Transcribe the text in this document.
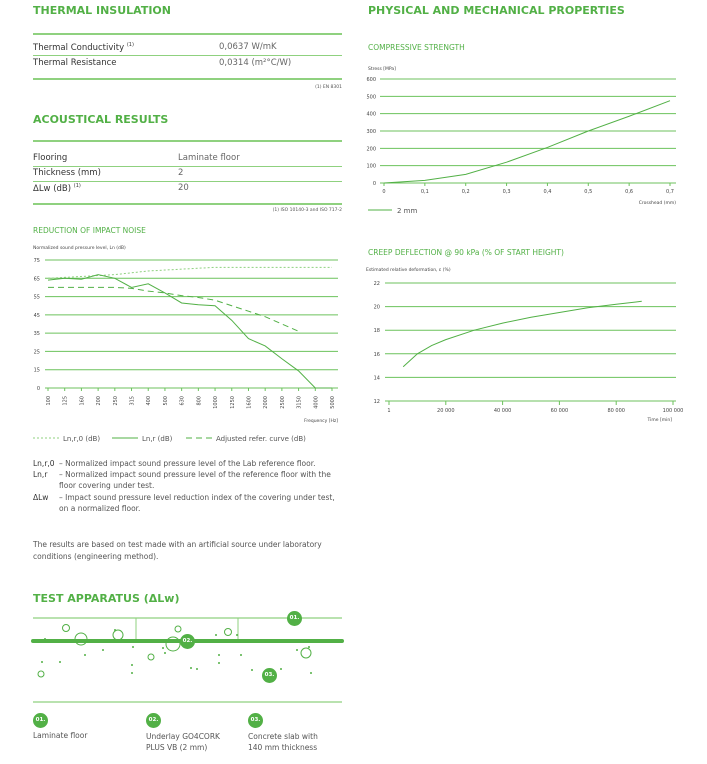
THERMAL INSULATION
Thermal Conductivity $^{(1)}$	0,0637 W/mK
Thermal Resistance	0,0314 (m²°C/W)
(1) EN 8301
ACOUSTICAL RESULTS
Flooring	Laminate floor
Thickness (mm)	2
ΔLw (dB) $^{(1)}$	20
(1) ISO 10140-3 and ISO 717-2
PHYSICAL AND MECHANICAL PROPERTIES
REDUCTION OF IMPACT NOISE
Normalized sound pressure level, Ln (dB)
0
15
25
35
45
55
65
75
100 125 160 200 250 315 400 500 630 800 1000 1250 1600 2000 2500 3150 4000 5000
Frequency [Hz]
Ln,r,0 (dB)	Ln,r (dB)	Adjusted refer. curve (dB)
COMPRESSIVE STRENGTH
Stress [MPa]
0
100
200
300
400
500
600
0	0,1	0,2	0,3	0,4	0,5	0,6	0,7
Crosshead (mm)
2 mm
CREEP DEFLECTION @ 90 kPa (% OF START HEIGHT)
Estimated relative deformation, ε (%)
12
14
16
18
20
22
1	20 000	40 000	60 000	80 000	100 000
Time [min]
Ln,r,0 – Normalized impact sound pressure level of the Lab reference floor.
Ln,r	– Normalized impact sound pressure level of the reference floor with the floor covering under test.
ΔLw	– Impact sound pressure level reduction index of the covering under test, on a normalized floor.
The results are based on test made with an artificial source under laboratory conditions (engineering method).
TEST APPARATUS (ΔLw)
01.
02.
03.
01.	02.	03.
Laminate floor	Underlay GO4CORK PLUS VB (2 mm)
Concrete slab with 140 mm thickness
